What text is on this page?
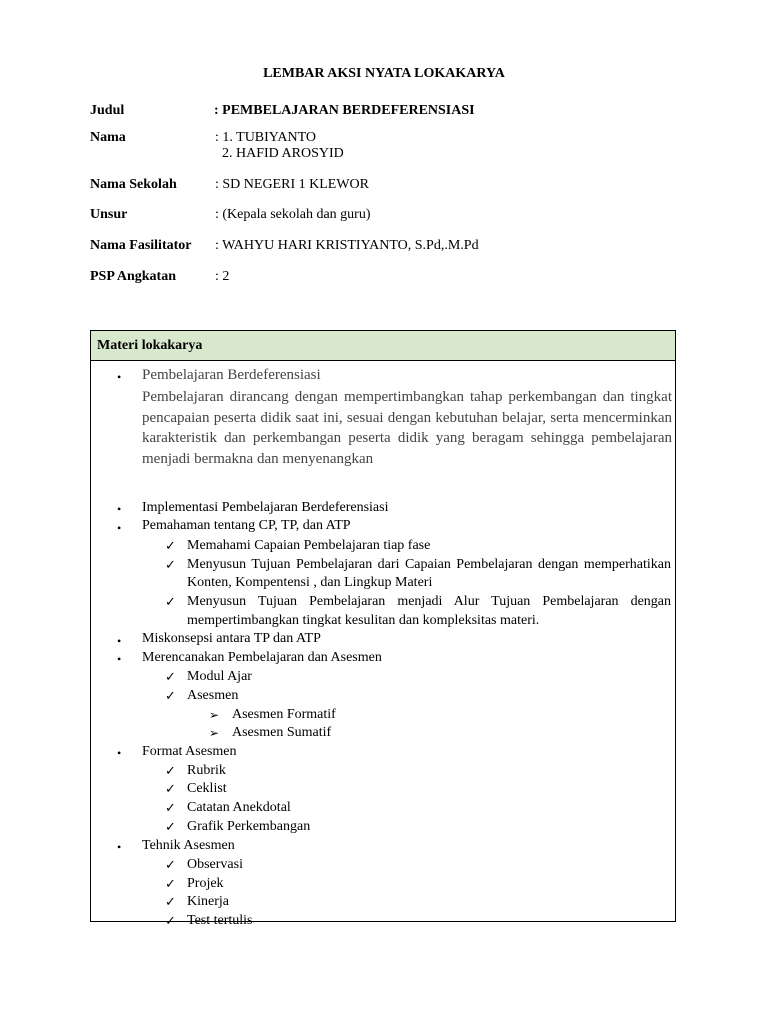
LEMBAR AKSI NYATA LOKAKARYA
Judul	: PEMBELAJARAN BERDEFERENSIASI
Nama	: 1. TUBIYANTO
2. HAFID AROSYID
Nama Sekolah	: SD NEGERI 1 KLEWOR
Unsur	: (Kepala sekolah dan guru)
Nama Fasilitator : WAHYU HARI KRISTIYANTO, S.Pd,.M.Pd
PSP Angkatan	: 2
Materi lokakarya
• Pembelajaran Berdeferensiasi
Pembelajaran dirancang dengan mempertimbangkan tahap perkembangan dan tingkat pencapaian peserta didik saat ini, sesuai dengan kebutuhan belajar, serta mencerminkan karakteristik dan perkembangan peserta didik yang beragam sehingga pembelajaran menjadi bermakna dan menyenangkan
• Implementasi Pembelajaran Berdeferensiasi
• Pemahaman tentang CP, TP, dan ATP
✓ Memahami Capaian Pembelajaran tiap fase
✓ Menyusun Tujuan Pembelajaran dari Capaian Pembelajaran dengan memperhatikan
Konten, Kompentensi , dan Lingkup Materi
✓ Menyusun Tujuan Pembelajaran menjadi Alur Tujuan Pembelajaran dengan
mempertimbangkan tingkat kesulitan dan kompleksitas materi.
• Miskonsepsi antara TP dan ATP
• Merencanakan Pembelajaran dan Asesmen
✓ Modul Ajar
✓ Asesmen
➢ Asesmen Formatif
➢ Asesmen Sumatif
• Format Asesmen
✓ Rubrik
✓ Ceklist
✓ Catatan Anekdotal
✓ Grafik Perkembangan
• Tehnik Asesmen
✓ Observasi
✓ Projek
✓ Kinerja
✓ Test tertulis
